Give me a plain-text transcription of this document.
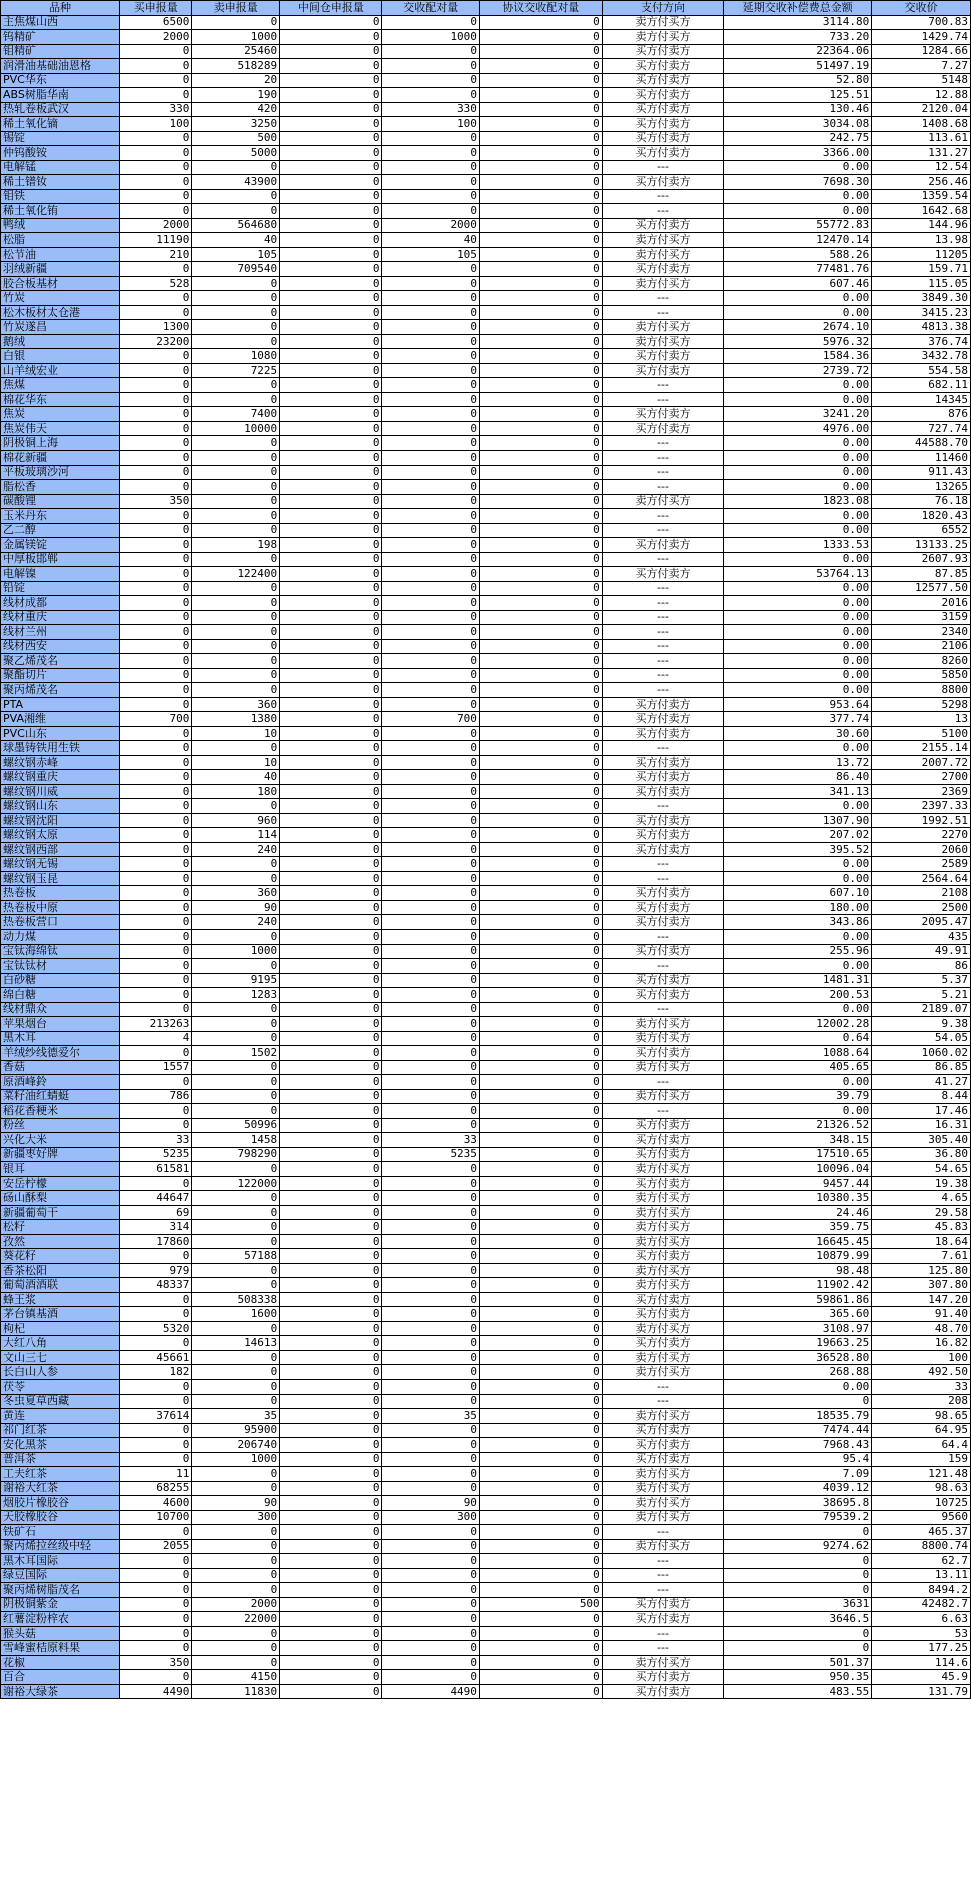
品种	买申报量	卖申报量	中间仓申报量	交收配对量	协议交收配对量	支付方向	延期交收补偿费总金额	交收价
主焦煤山西	6500	0	0	0	0	卖方付买方	3114.80	700.83
钨精矿	2000	1000	0	1000	0	卖方付买方	733.20	1429.74
钼精矿	0	25460	0	0	0	买方付卖方	22364.06	1284.66
润滑油基础油恩格	0	518289	0	0	0	买方付卖方	51497.19	7.27
PVC华东	0	20	0	0	0	买方付卖方	52.80	5148
ABS树脂华南	0	190	0	0	0	买方付卖方	125.51	12.88
热轧卷板武汉	330	420	0	330	0	买方付卖方	130.46	2120.04
稀土氧化镝	100	3250	0	100	0	买方付卖方	3034.08	1408.68
锡锭	0	500	0	0	0	买方付卖方	242.75	113.61
仲钨酸铵	0	5000	0	0	0	买方付卖方	3366.00	131.27
电解锰	0	0	0	0	0	---	0.00	12.54
稀土镨钕	0	43900	0	0	0	买方付卖方	7698.30	256.46
钼铁	0	0	0	0	0	---	0.00	1359.54
稀土氧化铕	0	0	0	0	0	---	0.00	1642.68
鸭绒	2000	564680	0	2000	0	买方付卖方	55772.83	144.96
松脂	11190	40	0	40	0	卖方付买方	12470.14	13.98
松节油	210	105	0	105	0	卖方付买方	588.26	11205
羽绒新疆	0	709540	0	0	0	买方付卖方	77481.76	159.71
胶合板基材	528	0	0	0	0	卖方付买方	607.46	115.05
竹炭	0	0	0	0	0	---	0.00	3849.30
松木板材太仓港	0	0	0	0	0	---	0.00	3415.23
竹炭遂昌	1300	0	0	0	0	卖方付买方	2674.10	4813.38
鹅绒	23200	0	0	0	0	卖方付买方	5976.32	376.74
白银	0	1080	0	0	0	买方付卖方	1584.36	3432.78
山羊绒宏业	0	7225	0	0	0	买方付卖方	2739.72	554.58
焦煤	0	0	0	0	0	---	0.00	682.11
棉花华东	0	0	0	0	0	---	0.00	14345
焦炭	0	7400	0	0	0	买方付卖方	3241.20	876
焦炭伟天	0	10000	0	0	0	买方付卖方	4976.00	727.74
阴极铜上海	0	0	0	0	0	---	0.00	44588.70
棉花新疆	0	0	0	0	0	---	0.00	11460
平板玻璃沙河	0	0	0	0	0	---	0.00	911.43
脂松香	0	0	0	0	0	---	0.00	13265
碳酸锂	350	0	0	0	0	卖方付买方	1823.08	76.18
玉米丹东	0	0	0	0	0	---	0.00	1820.43
乙二醇	0	0	0	0	0	---	0.00	6552
金属镁锭	0	198	0	0	0	买方付卖方	1333.53	13133.25
中厚板邯郸	0	0	0	0	0	---	0.00	2607.93
电解镍	0	122400	0	0	0	买方付卖方	53764.13	87.85
铅锭	0	0	0	0	0	---	0.00	12577.50
线材成都	0	0	0	0	0	---	0.00	2016
线材重庆	0	0	0	0	0	---	0.00	3159
线材兰州	0	0	0	0	0	---	0.00	2340
线材西安	0	0	0	0	0	---	0.00	2106
聚乙烯茂名	0	0	0	0	0	---	0.00	8260
聚酯切片	0	0	0	0	0	---	0.00	5850
聚丙烯茂名	0	0	0	0	0	---	0.00	8800
PTA	0	360	0	0	0	买方付卖方	953.64	5298
PVA湘维	700	1380	0	700	0	买方付卖方	377.74	13
PVC山东	0	10	0	0	0	买方付卖方	30.60	5100
球墨铸铁用生铁	0	0	0	0	0	---	0.00	2155.14
螺纹钢赤峰	0	10	0	0	0	买方付卖方	13.72	2007.72
螺纹钢重庆	0	40	0	0	0	买方付卖方	86.40	2700
螺纹钢川威	0	180	0	0	0	买方付卖方	341.13	2369
螺纹钢山东	0	0	0	0	0	---	0.00	2397.33
螺纹钢沈阳	0	960	0	0	0	买方付卖方	1307.90	1992.51
螺纹钢太原	0	114	0	0	0	买方付卖方	207.02	2270
螺纹钢西部	0	240	0	0	0	买方付卖方	395.52	2060
螺纹钢无锡	0	0	0	0	0	---	0.00	2589
螺纹钢玉昆	0	0	0	0	0	---	0.00	2564.64
热卷板	0	360	0	0	0	买方付卖方	607.10	2108
热卷板中原	0	90	0	0	0	买方付卖方	180.00	2500
热卷板营口	0	240	0	0	0	买方付卖方	343.86	2095.47
动力煤	0	0	0	0	0	---	0.00	435
宝钛海绵钛	0	1000	0	0	0	买方付卖方	255.96	49.91
宝钛钛材	0	0	0	0	0	---	0.00	86
白砂糖	0	9195	0	0	0	买方付卖方	1481.31	5.37
绵白糖	0	1283	0	0	0	买方付卖方	200.53	5.21
线材鼎众	0	0	0	0	0	---	0.00	2189.07
苹果烟台	213263	0	0	0	0	卖方付买方	12002.28	9.38
黑木耳	4	0	0	0	0	卖方付买方	0.64	54.05
羊绒纱线德爱尔	0	1502	0	0	0	买方付卖方	1088.64	1060.02
香菇	1557	0	0	0	0	卖方付买方	405.65	86.85
原酒峰鈴	0	0	0	0	0	---	0.00	41.27
菜籽油红蜻蜓	786	0	0	0	0	卖方付买方	39.79	8.44
稻花香粳米	0	0	0	0	0	---	0.00	17.46
粉丝	0	50996	0	0	0	买方付卖方	21326.52	16.31
兴化大米	33	1458	0	33	0	买方付卖方	348.15	305.40
新疆枣好牌	5235	798290	0	5235	0	买方付卖方	17510.65	36.80
银耳	61581	0	0	0	0	卖方付买方	10096.04	54.65
安岳柠檬	0	122000	0	0	0	买方付卖方	9457.44	19.38
砀山酥梨	44647	0	0	0	0	卖方付买方	10380.35	4.65
新疆葡萄干	69	0	0	0	0	卖方付买方	24.46	29.58
松籽	314	0	0	0	0	卖方付买方	359.75	45.83
孜然	17860	0	0	0	0	卖方付买方	16645.45	18.64
葵花籽	0	57188	0	0	0	买方付卖方	10879.99	7.61
香茶松阳	979	0	0	0	0	卖方付买方	98.48	125.80
葡萄酒酒联	48337	0	0	0	0	卖方付买方	11902.42	307.80
蜂王浆	0	508338	0	0	0	买方付卖方	59861.86	147.20
茅台镇基酒	0	1600	0	0	0	买方付卖方	365.60	91.40
枸杞	5320	0	0	0	0	卖方付买方	3108.97	48.70
大红八角	0	14613	0	0	0	买方付卖方	19663.25	16.82
文山三七	45661	0	0	0	0	卖方付买方	36528.80	100
长白山人参	182	0	0	0	0	卖方付买方	268.88	492.50
茯苓	0	0	0	0	0	---	0.00	33
冬虫夏草西藏	0	0	0	0	0	---	0	208
黄连	37614	35	0	35	0	卖方付买方	18535.79	98.65
祁门红茶	0	95900	0	0	0	买方付卖方	7474.44	64.95
安化黑茶	0	206740	0	0	0	买方付卖方	7968.43	64.4
普洱茶	0	1000	0	0	0	买方付卖方	95.4	159
工夫红茶	11	0	0	0	0	卖方付买方	7.09	121.48
谢裕大红茶	68255	0	0	0	0	卖方付买方	4039.12	98.63
烟胶片橡胶谷	4600	90	0	90	0	卖方付买方	38695.8	10725
天胶橡胶谷	10700	300	0	300	0	卖方付买方	79539.2	9560
铁矿石	0	0	0	0	0	---	0	465.37
聚丙烯拉丝级中轻	2055	0	0	0	0	卖方付买方	9274.62	8800.74
黑木耳国际	0	0	0	0	0	---	0	62.7
绿豆国际	0	0	0	0	0	---	0	13.11
聚丙烯树脂茂名	0	0	0	0	0	---	0	8494.2
阴极铜紫金	0	2000	0	0	500	买方付卖方	3631	42482.7
红薯淀粉梓农	0	22000	0	0	0	买方付卖方	3646.5	6.63
猴头菇	0	0	0	0	0	---	0	53
雪峰蜜桔原料果	0	0	0	0	0	---	0	177.25
花椒	350	0	0	0	0	卖方付买方	501.37	114.6
百合	0	4150	0	0	0	买方付卖方	950.35	45.9
谢裕大绿茶	4490	11830	0	4490	0	买方付卖方	483.55	131.79
